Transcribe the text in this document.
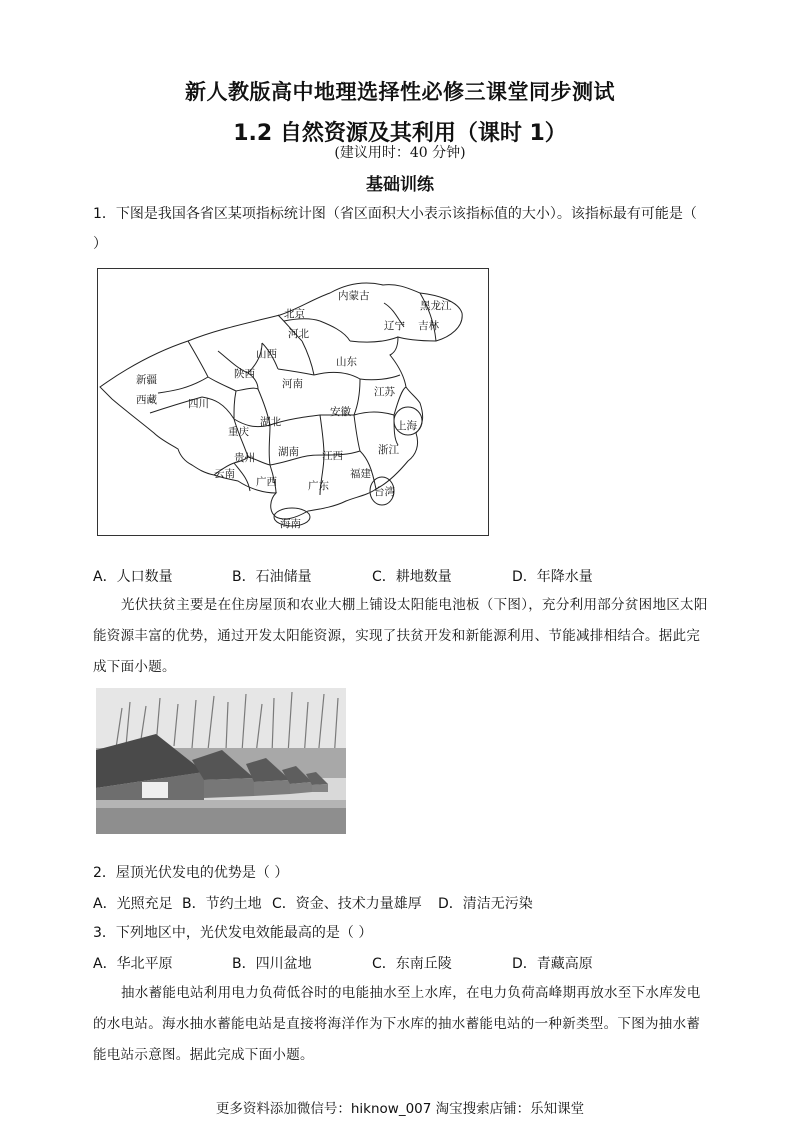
新人教版高中地理选择性必修三课堂同步测试
1.2 自然资源及其利用（课时 1）
(建议用时：40 分钟)
基础训练
1．下图是我国各省区某项指标统计图（省区面积大小表示该指标值的大小）。该指标最有可能是（
）
内蒙古
黑龙江
北京
辽宁 吉林
河北
山西
山东
新疆	陕西
河南
西藏	四川
江苏
安徽
湖北	上海
重庆
浙江
贵州 湖南 江西
云南	福建
广西	广东	台湾
海南
A．人口数量	B．石油储量	C．耕地数量	D．年降水量
光伏扶贫主要是在住房屋顶和农业大棚上铺设太阳能电池板（下图），充分利用部分贫困地区太阳能资源丰富的优势，通过开发太阳能资源，实现了扶贫开发和新能源利用、节能减排相结合。据此完成下面小题。
2．屋顶光伏发电的优势是（ ）
A．光照充足 B．节约土地 C．资金、技术力量雄厚 D．清洁无污染
3．下列地区中，光伏发电效能最高的是（ ）
A．华北平原	B．四川盆地	C．东南丘陵	D．青藏高原
抽水蓄能电站利用电力负荷低谷时的电能抽水至上水库，在电力负荷高峰期再放水至下水库发电的水电站。海水抽水蓄能电站是直接将海洋作为下水库的抽水蓄能电站的一种新类型。下图为抽水蓄能电站示意图。据此完成下面小题。
更多资料添加微信号：hiknow_007 淘宝搜索店铺：乐知课堂
